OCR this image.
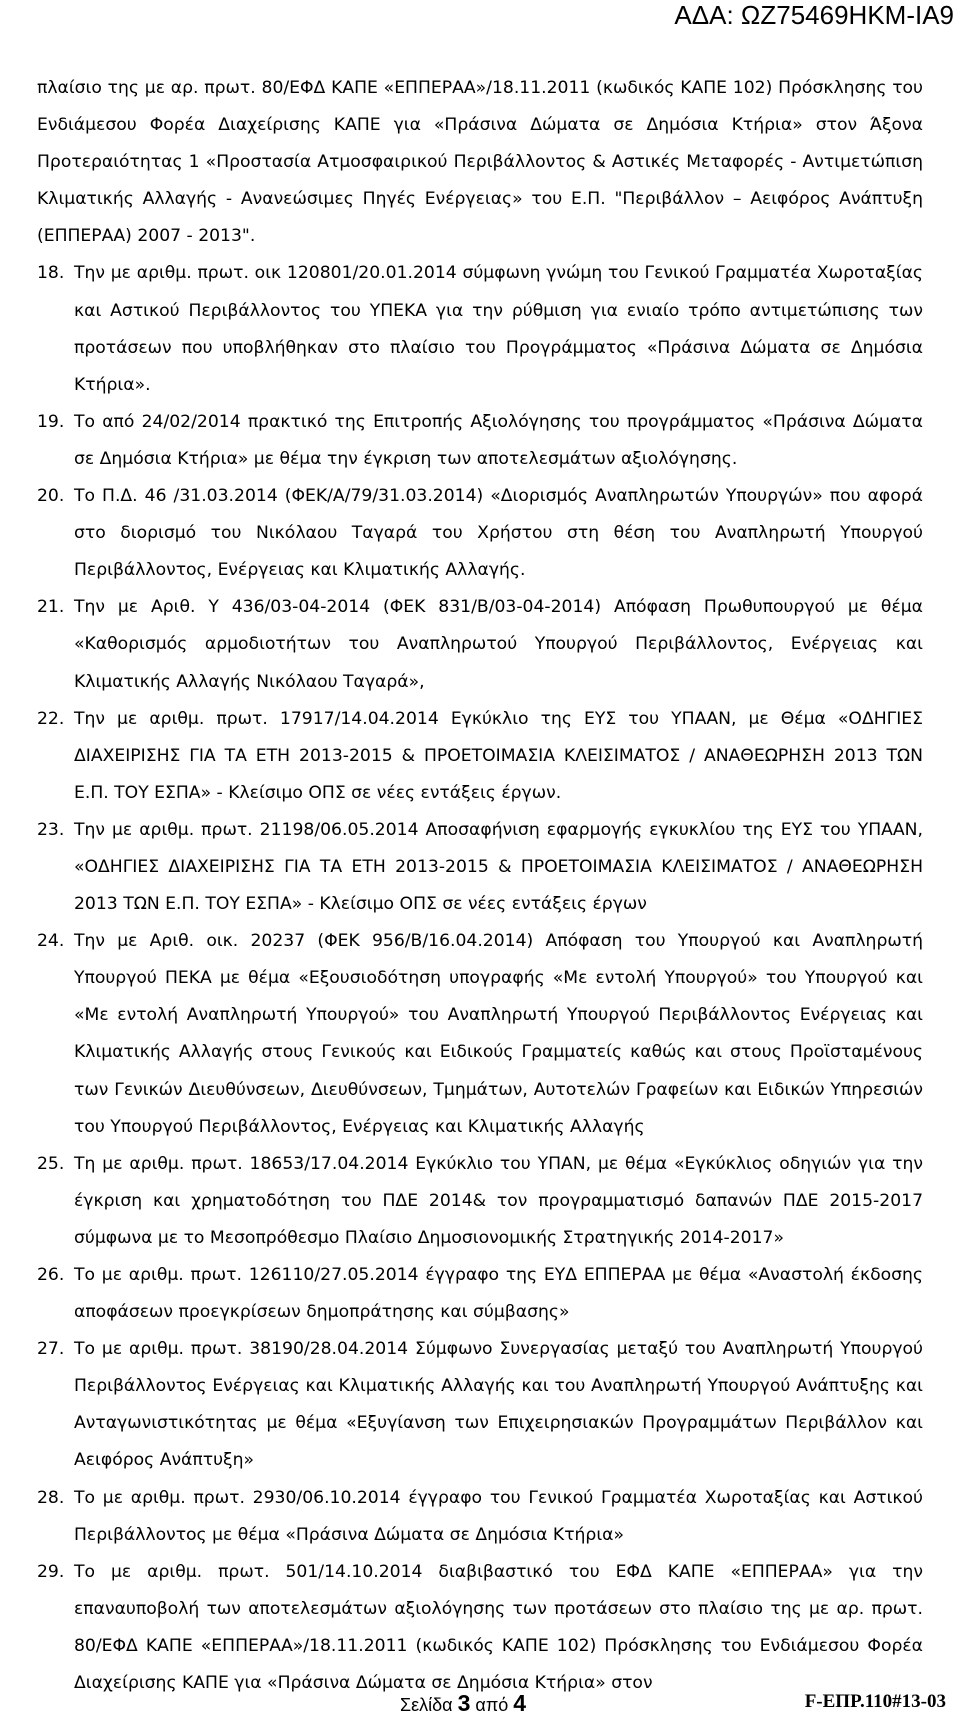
ΑΔΑ: ΩΖ75469ΗΚΜ-ΙΑ9
πλαίσιο της με αρ. πρωτ. 80/ΕΦΔ ΚΑΠΕ «ΕΠΠΕΡΑΑ»/18.11.2011 (κωδικός ΚΑΠΕ 102) Πρόσκλησης του Ενδιάμεσου Φορέα Διαχείρισης ΚΑΠΕ για «Πράσινα Δώματα σε Δημόσια Κτήρια» στον Άξονα Προτεραιότητας 1 «Προστασία Ατμοσφαιρικού Περιβάλλοντος & Αστικές Μεταφορές - Αντιμετώπιση Κλιματικής Αλλαγής - Ανανεώσιμες Πηγές Ενέργειας» του Ε.Π. "Περιβάλλον – Αειφόρος Ανάπτυξη (ΕΠΠΕΡΑΑ) 2007 - 2013".
18. Την με αριθμ. πρωτ. οικ 120801/20.01.2014 σύμφωνη γνώμη του Γενικού Γραμματέα Χωροταξίας και Αστικού Περιβάλλοντος του ΥΠΕΚΑ για την ρύθμιση για ενιαίο τρόπο αντιμετώπισης των προτάσεων που υποβλήθηκαν στο πλαίσιο του Προγράμματος «Πράσινα Δώματα σε Δημόσια Κτήρια».
19. Το από 24/02/2014 πρακτικό της Επιτροπής Αξιολόγησης του προγράμματος «Πράσινα Δώματα σε Δημόσια Κτήρια» με θέμα την έγκριση των αποτελεσμάτων αξιολόγησης.
20. Το Π.Δ. 46 /31.03.2014 (ΦΕΚ/Α/79/31.03.2014) «Διορισμός Αναπληρωτών Υπουργών» που αφορά στο διορισμό του Νικόλαου Ταγαρά του Χρήστου στη θέση του Αναπληρωτή Υπουργού Περιβάλλοντος, Ενέργειας και Κλιματικής Αλλαγής.
21. Την με Αριθ. Υ 436/03-04-2014 (ΦΕΚ 831/Β/03-04-2014) Απόφαση Πρωθυπουργού με θέμα «Καθορισμός αρμοδιοτήτων του Αναπληρωτού Υπουργού Περιβάλλοντος, Ενέργειας και Κλιματικής Αλλαγής Νικόλαου Ταγαρά»,
22. Την με αριθμ. πρωτ. 17917/14.04.2014 Εγκύκλιο της ΕΥΣ του ΥΠΑΑΝ, με Θέμα «ΟΔΗΓΙΕΣ ΔΙΑΧΕΙΡΙΣΗΣ ΓΙΑ ΤΑ ΕΤΗ 2013-2015 & ΠΡΟΕΤΟΙΜΑΣΙΑ ΚΛΕΙΣΙΜΑΤΟΣ / ΑΝΑΘΕΩΡΗΣΗ 2013 ΤΩΝ Ε.Π. ΤΟΥ ΕΣΠΑ» - Κλείσιμο ΟΠΣ σε νέες εντάξεις έργων.
23. Την με αριθμ. πρωτ. 21198/06.05.2014 Αποσαφήνιση εφαρμογής εγκυκλίου της ΕΥΣ του ΥΠΑΑΝ, «ΟΔΗΓΙΕΣ ΔΙΑΧΕΙΡΙΣΗΣ ΓΙΑ ΤΑ ΕΤΗ 2013-2015 & ΠΡΟΕΤΟΙΜΑΣΙΑ ΚΛΕΙΣΙΜΑΤΟΣ / ΑΝΑΘΕΩΡΗΣΗ 2013 ΤΩΝ Ε.Π. ΤΟΥ ΕΣΠΑ» - Κλείσιμο ΟΠΣ σε νέες εντάξεις έργων
24. Την με Αριθ. οικ. 20237 (ΦΕΚ 956/Β/16.04.2014) Απόφαση του Υπουργού και Αναπληρωτή Υπουργού ΠΕΚΑ με θέμα «Εξουσιοδότηση υπογραφής «Με εντολή Υπουργού» του Υπουργού και «Με εντολή Αναπληρωτή Υπουργού» του Αναπληρωτή Υπουργού Περιβάλλοντος Ενέργειας και Κλιματικής Αλλαγής στους Γενικούς και Ειδικούς Γραμματείς καθώς και στους Προϊσταμένους των Γενικών Διευθύνσεων, Διευθύνσεων, Τμημάτων, Αυτοτελών Γραφείων και Ειδικών Υπηρεσιών του Υπουργού Περιβάλλοντος, Ενέργειας και Κλιματικής Αλλαγής
25. Τη με αριθμ. πρωτ. 18653/17.04.2014 Εγκύκλιο του ΥΠΑΝ, με θέμα «Εγκύκλιος οδηγιών για την έγκριση και χρηματοδότηση του ΠΔΕ 2014& τον προγραμματισμό δαπανών ΠΔΕ 2015-2017 σύμφωνα με το Μεσοπρόθεσμο Πλαίσιο Δημοσιονομικής Στρατηγικής 2014-2017»
26. Το με αριθμ. πρωτ. 126110/27.05.2014 έγγραφο της ΕΥΔ ΕΠΠΕΡΑΑ με θέμα «Αναστολή έκδοσης αποφάσεων προεγκρίσεων δημοπράτησης και σύμβασης»
27. Το με αριθμ. πρωτ. 38190/28.04.2014 Σύμφωνο Συνεργασίας μεταξύ του Αναπληρωτή Υπουργού Περιβάλλοντος Ενέργειας και Κλιματικής Αλλαγής και του Αναπληρωτή Υπουργού Ανάπτυξης και Ανταγωνιστικότητας με θέμα «Εξυγίανση των Επιχειρησιακών Προγραμμάτων Περιβάλλον και Αειφόρος Ανάπτυξη»
28. Το με αριθμ. πρωτ. 2930/06.10.2014 έγγραφο του Γενικού Γραμματέα Χωροταξίας και Αστικού Περιβάλλοντος με θέμα «Πράσινα Δώματα σε Δημόσια Κτήρια»
29. Το με αριθμ. πρωτ. 501/14.10.2014 διαβιβαστικό του ΕΦΔ ΚΑΠΕ «ΕΠΠΕΡΑΑ» για την επαναυποβολή των αποτελεσμάτων αξιολόγησης των προτάσεων στο πλαίσιο της με αρ. πρωτ. 80/ΕΦΔ ΚΑΠΕ «ΕΠΠΕΡΑΑ»/18.11.2011 (κωδικός ΚΑΠΕ 102) Πρόσκλησης του Ενδιάμεσου Φορέα Διαχείρισης ΚΑΠΕ για «Πράσινα Δώματα σε Δημόσια Κτήρια» στον
Σελίδα 3 από 4	F-ΕΠΡ.110#13-03
